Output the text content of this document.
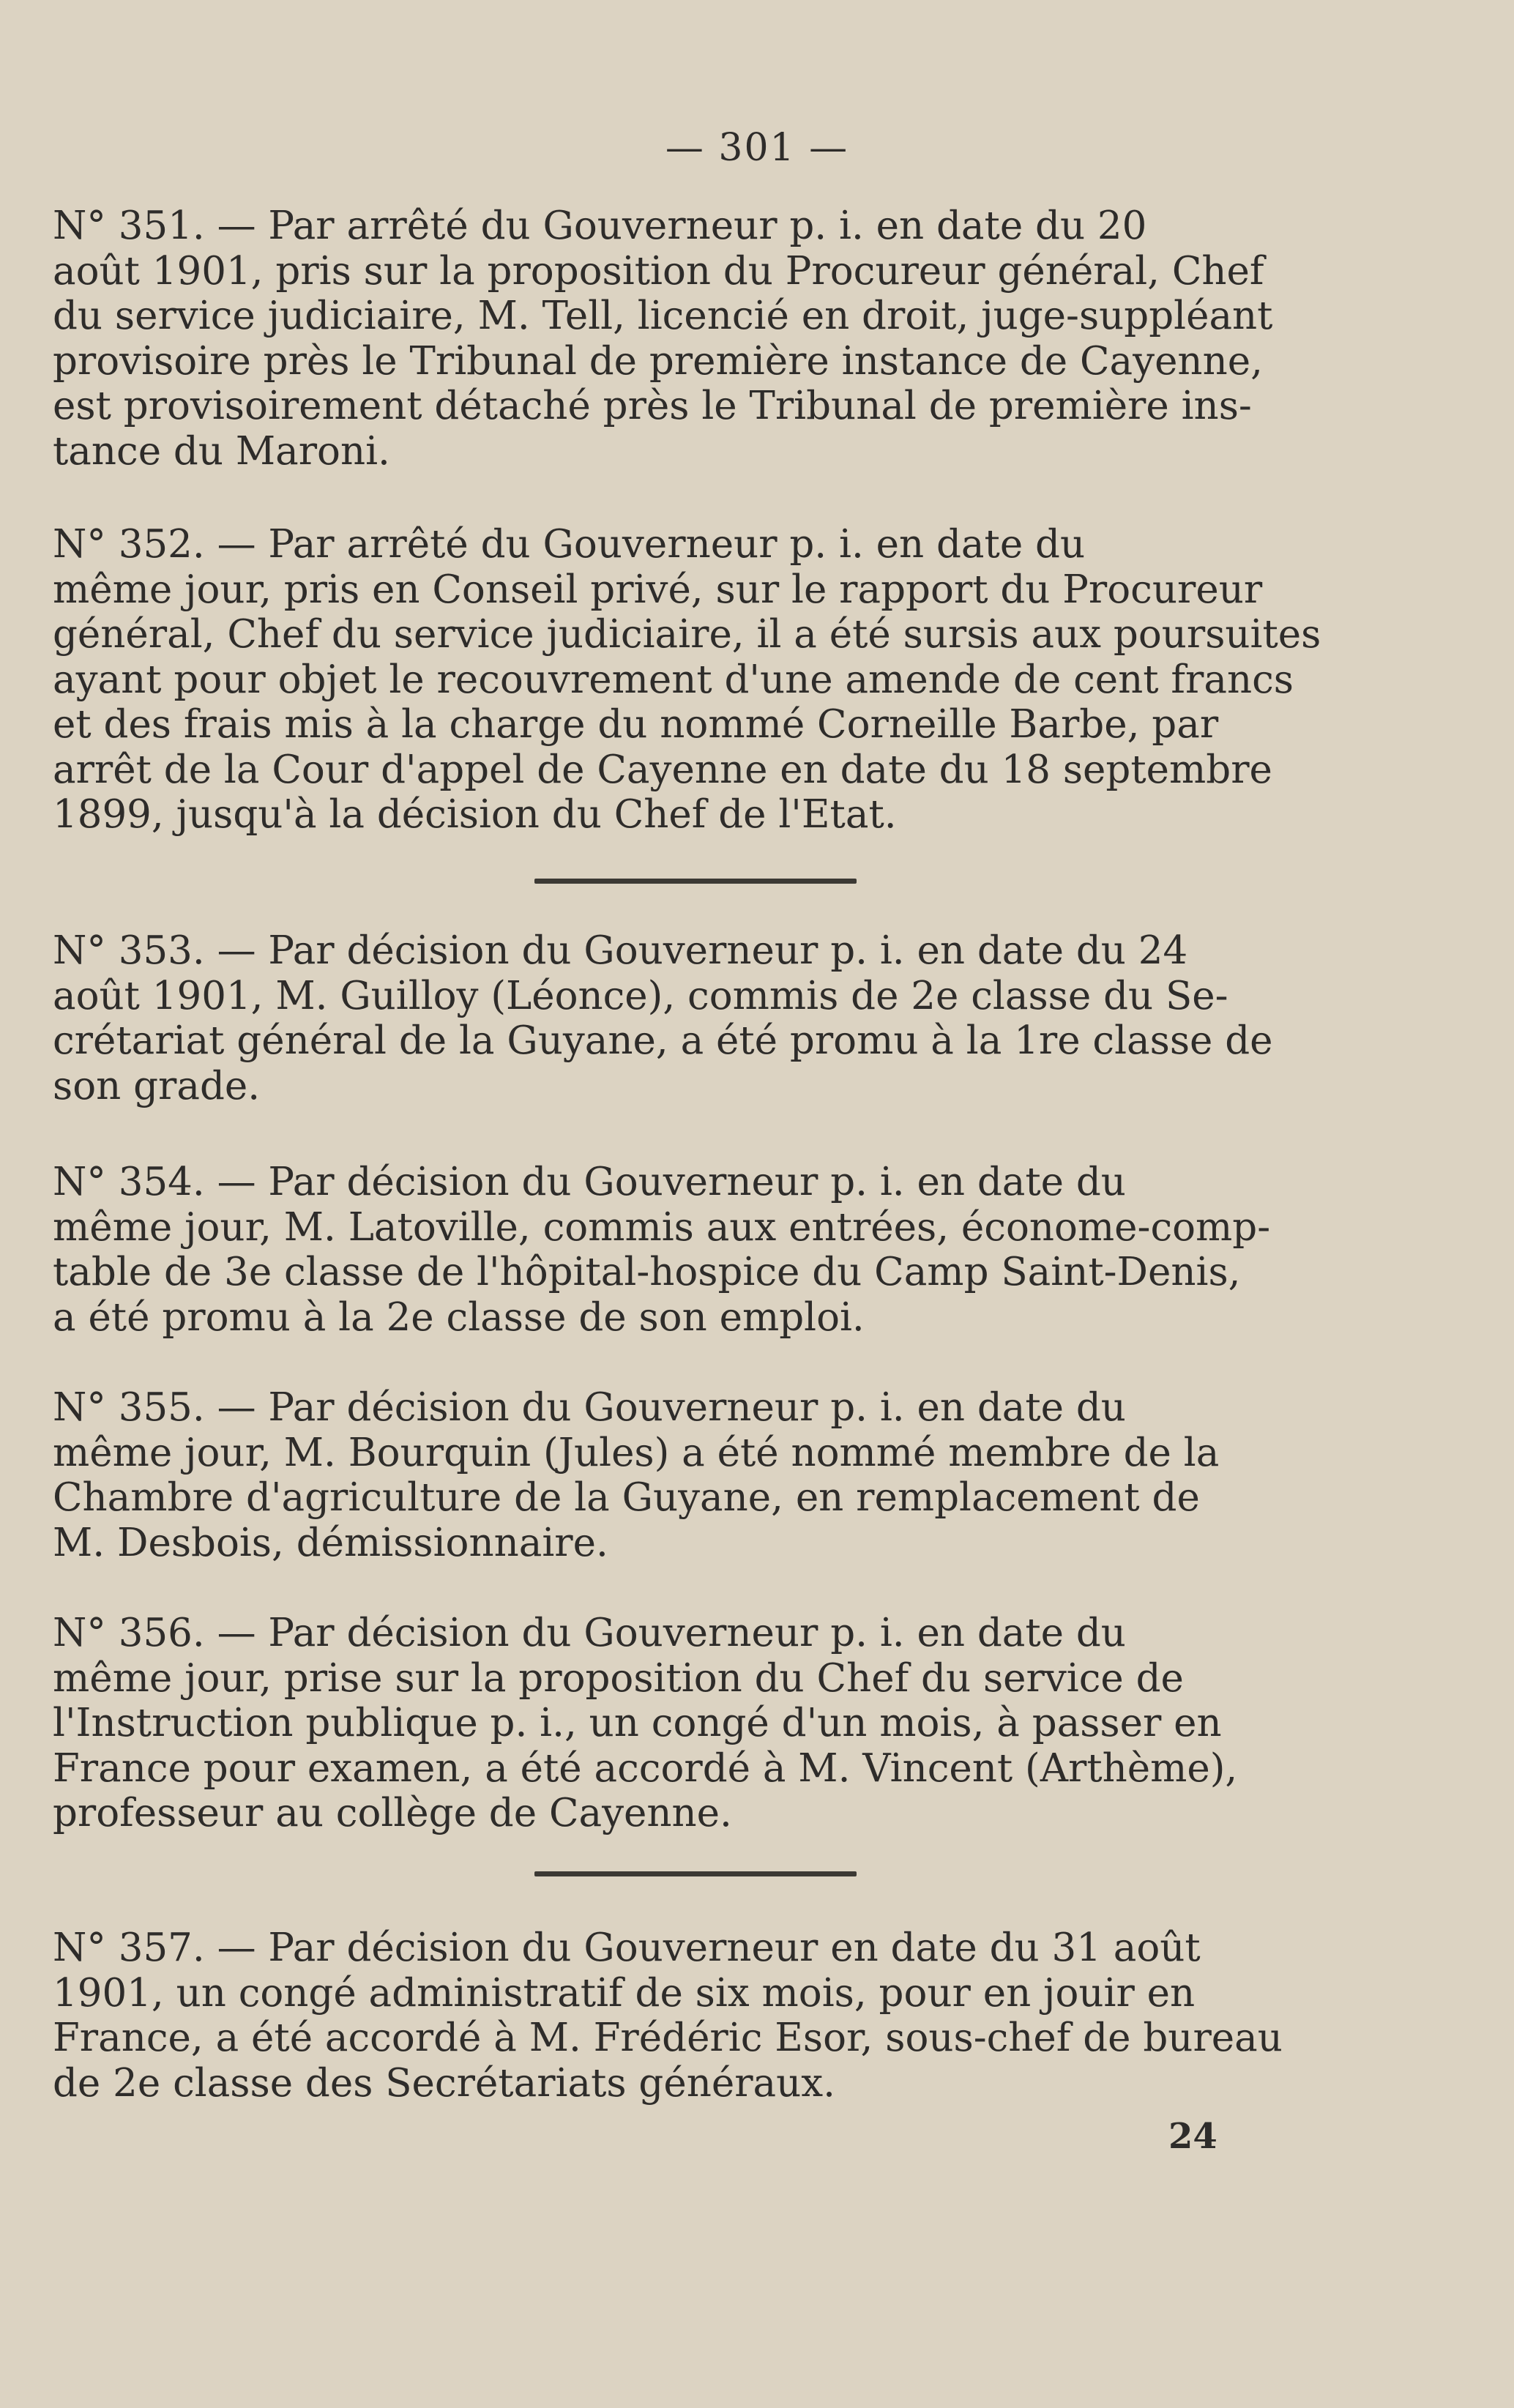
— 301 —
N° 351. — Par arrêté du Gouverneur p. i. en date du 20
août 1901, pris sur la proposition du Procureur général, Chef
du service judiciaire, M. Tell, licencié en droit, juge-suppléant
provisoire près le Tribunal de première instance de Cayenne,
est provisoirement détaché près le Tribunal de première ins-
tance du Maroni.
N° 352. — Par arrêté du Gouverneur p. i. en date du
même jour, pris en Conseil privé, sur le rapport du Procureur
général, Chef du service judiciaire, il a été sursis aux poursuites
ayant pour objet le recouvrement d'une amende de cent francs
et des frais mis à la charge du nommé Corneille Barbe, par
arrêt de la Cour d'appel de Cayenne en date du 18 septembre
1899, jusqu'à la décision du Chef de l'Etat.
N° 353. — Par décision du Gouverneur p. i. en date du 24
août 1901, M. Guilloy (Léonce), commis de 2e classe du Se-
crétariat général de la Guyane, a été promu à la 1re classe de
son grade.
N° 354. — Par décision du Gouverneur p. i. en date du
même jour, M. Latoville, commis aux entrées, économe-comp-
table de 3e classe de l'hôpital-hospice du Camp Saint-Denis,
a été promu à la 2e classe de son emploi.
N° 355. — Par décision du Gouverneur p. i. en date du
même jour, M. Bourquin (Jules) a été nommé membre de la
Chambre d'agriculture de la Guyane, en remplacement de
M. Desbois, démissionnaire.
N° 356. — Par décision du Gouverneur p. i. en date du
même jour, prise sur la proposition du Chef du service de
l'Instruction publique p. i., un congé d'un mois, à passer en
France pour examen, a été accordé à M. Vincent (Arthème),
professeur au collège de Cayenne.
N° 357. — Par décision du Gouverneur en date du 31 août
1901, un congé administratif de six mois, pour en jouir en
France, a été accordé à M. Frédéric Esor, sous-chef de bureau
de 2e classe des Secrétariats généraux.
24
